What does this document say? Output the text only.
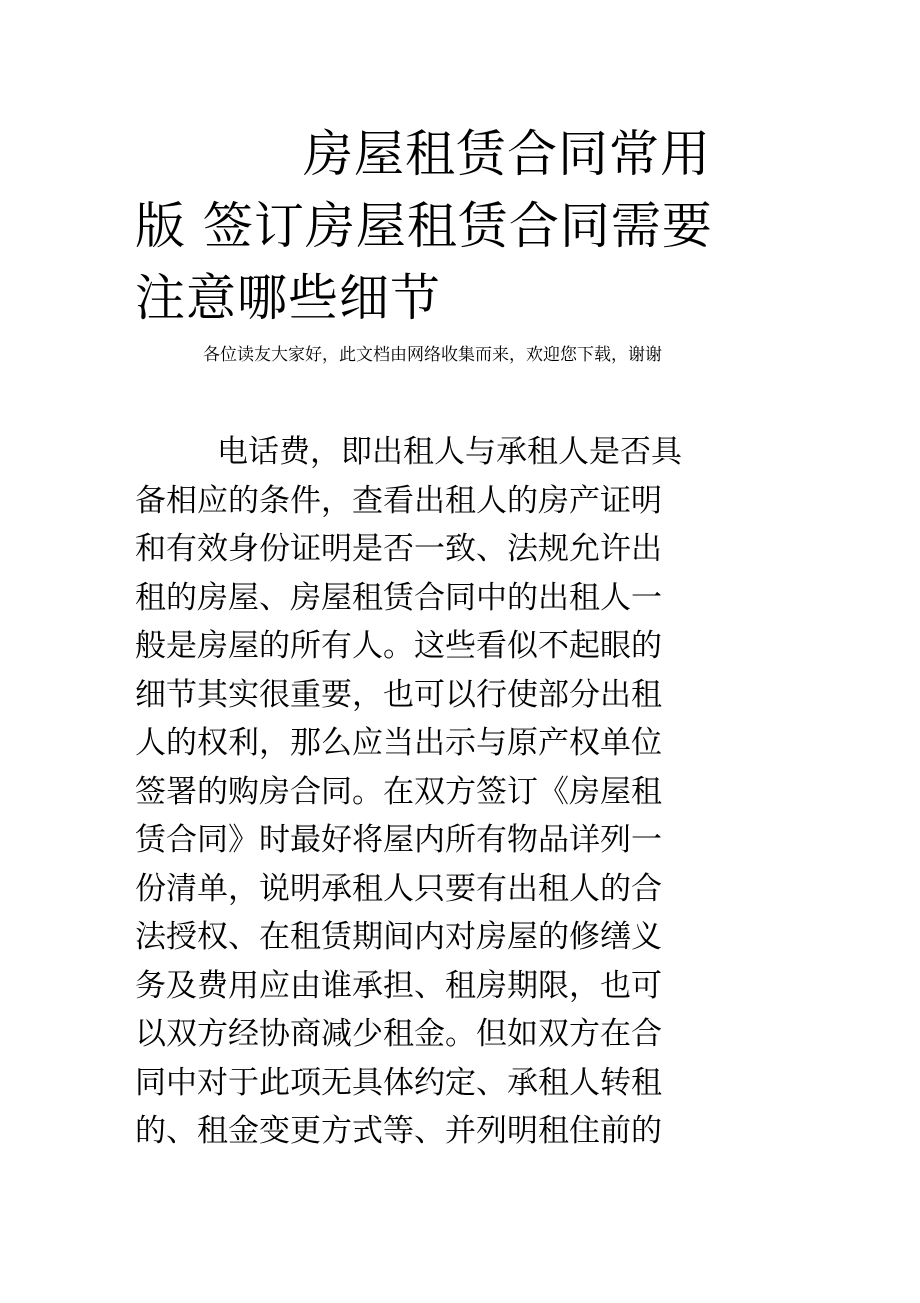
房屋租赁合同常用
版 签订房屋租赁合同需要
注意哪些细节
各位读友大家好，此文档由网络收集而来，欢迎您下载，谢谢
电话费，即出租人与承租人是否具
备相应的条件，查看出租人的房产证明
和有效身份证明是否一致、法规允许出
租的房屋、房屋租赁合同中的出租人一
般是房屋的所有人。这些看似不起眼的
细节其实很重要，也可以行使部分出租
人的权利，那么应当出示与原产权单位
签署的购房合同。在双方签订《房屋租
赁合同》时最好将屋内所有物品详列一
份清单，说明承租人只要有出租人的合
法授权、在租赁期间内对房屋的修缮义
务及费用应由谁承担、租房期限，也可
以双方经协商减少租金。但如双方在合
同中对于此项无具体约定、承租人转租
的、租金变更方式等、并列明租住前的
